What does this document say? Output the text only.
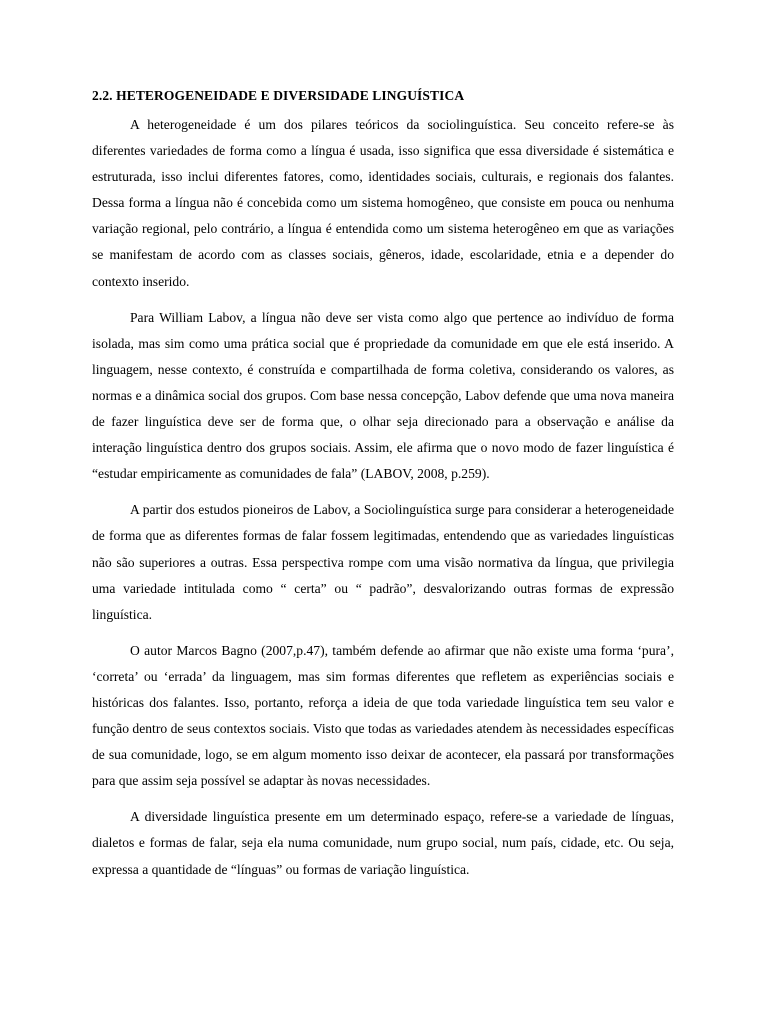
2.2. HETEROGENEIDADE E DIVERSIDADE LINGUÍSTICA

A heterogeneidade é um dos pilares teóricos da sociolinguística. Seu conceito refere-se às diferentes variedades de forma como a língua é usada, isso significa que essa diversidade é sistemática e estruturada, isso inclui diferentes fatores, como, identidades sociais, culturais, e regionais dos falantes. Dessa forma a língua não é concebida como um sistema homogêneo, que consiste em pouca ou nenhuma variação regional, pelo contrário, a língua é entendida como um sistema heterogêneo em que as variações se manifestam de acordo com as classes sociais, gêneros, idade, escolaridade, etnia e a depender do contexto inserido.

Para William Labov, a língua não deve ser vista como algo que pertence ao indivíduo de forma isolada, mas sim como uma prática social que é propriedade da comunidade em que ele está inserido. A linguagem, nesse contexto, é construída e compartilhada de forma coletiva, considerando os valores, as normas e a dinâmica social dos grupos. Com base nessa concepção, Labov defende que uma nova maneira de fazer linguística deve ser de forma que, o olhar seja direcionado para a observação e análise da interação linguística dentro dos grupos sociais. Assim, ele afirma que o novo modo de fazer linguística é “estudar empiricamente as comunidades de fala” (LABOV, 2008, p.259).

A partir dos estudos pioneiros de Labov, a Sociolinguística surge para considerar a heterogeneidade de forma que as diferentes formas de falar fossem legitimadas, entendendo que as variedades linguísticas não são superiores a outras. Essa perspectiva rompe com uma visão normativa da língua, que privilegia uma variedade intitulada como “ certa” ou “ padrão”, desvalorizando outras formas de expressão linguística.

O autor Marcos Bagno (2007,p.47), também defende ao afirmar que não existe uma forma ‘pura’, ‘correta’ ou ‘errada’ da linguagem, mas sim formas diferentes que refletem as experiências sociais e históricas dos falantes. Isso, portanto, reforça a ideia de que toda variedade linguística tem seu valor e função dentro de seus contextos sociais. Visto que todas as variedades atendem às necessidades específicas de sua comunidade, logo, se em algum momento isso deixar de acontecer, ela passará por transformações para que assim seja possível se adaptar às novas necessidades.

A diversidade linguística presente em um determinado espaço, refere-se a variedade de línguas, dialetos e formas de falar, seja ela numa comunidade, num grupo social, num país, cidade, etc. Ou seja, expressa a quantidade de “línguas” ou formas de variação linguística.
